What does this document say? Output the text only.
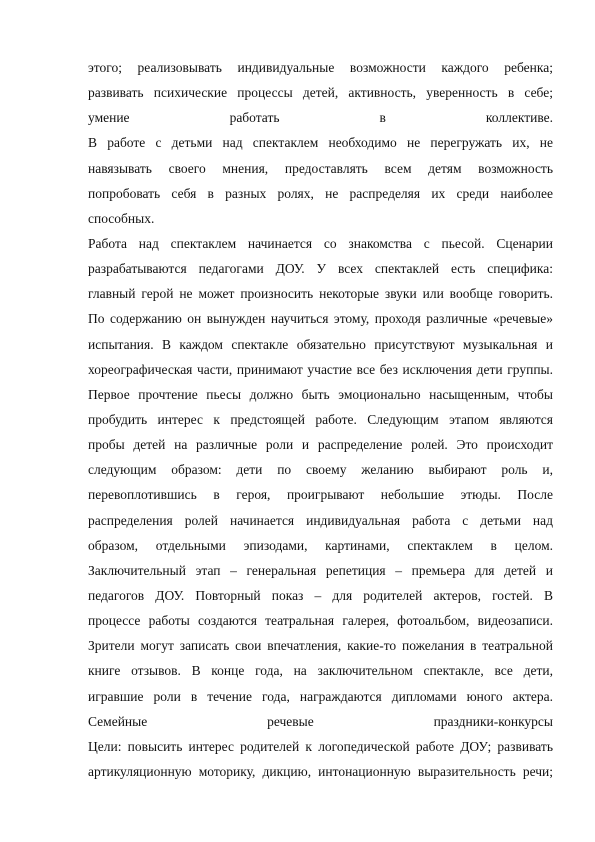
этого; реализовывать индивидуальные возможности каждого ребенка;
развивать психические процессы детей, активность, уверенность в себе;
умение работать в коллективе.
В работе с детьми над спектаклем необходимо не перегружать их, не
навязывать своего мнения, предоставлять всем детям возможность
попробовать себя в разных ролях, не распределяя их среди наиболее
способных.
Работа над спектаклем начинается со знакомства с пьесой. Сценарии
разрабатываются педагогами ДОУ. У всех спектаклей есть специфика:
главный герой не может произносить некоторые звуки или вообще говорить.
По содержанию он вынужден научиться этому, проходя различные «речевые»
испытания. В каждом спектакле обязательно присутствуют музыкальная и
хореографическая части, принимают участие все без исключения дети группы.
Первое прочтение пьесы должно быть эмоционально насыщенным, чтобы
пробудить интерес к предстоящей работе. Следующим этапом являются
пробы детей на различные роли и распределение ролей. Это происходит
следующим образом: дети по своему желанию выбирают роль и,
перевоплотившись в героя, проигрывают небольшие этюды. После
распределения ролей начинается индивидуальная работа с детьми над
образом, отдельными эпизодами, картинами, спектаклем в целом.
Заключительный этап – генеральная репетиция – премьера для детей и
педагогов ДОУ. Повторный показ – для родителей актеров, гостей. В
процессе работы создаются театральная галерея, фотоальбом, видеозаписи.
Зрители могут записать свои впечатления, какие-то пожелания в театральной
книге отзывов. В конце года, на заключительном спектакле, все дети,
игравшие роли в течение года, награждаются дипломами юного актера.
Семейные речевые праздники-конкурсы
Цели: повысить интерес родителей к логопедической работе ДОУ; развивать
артикуляционную моторику, дикцию, интонационную выразительность речи;
